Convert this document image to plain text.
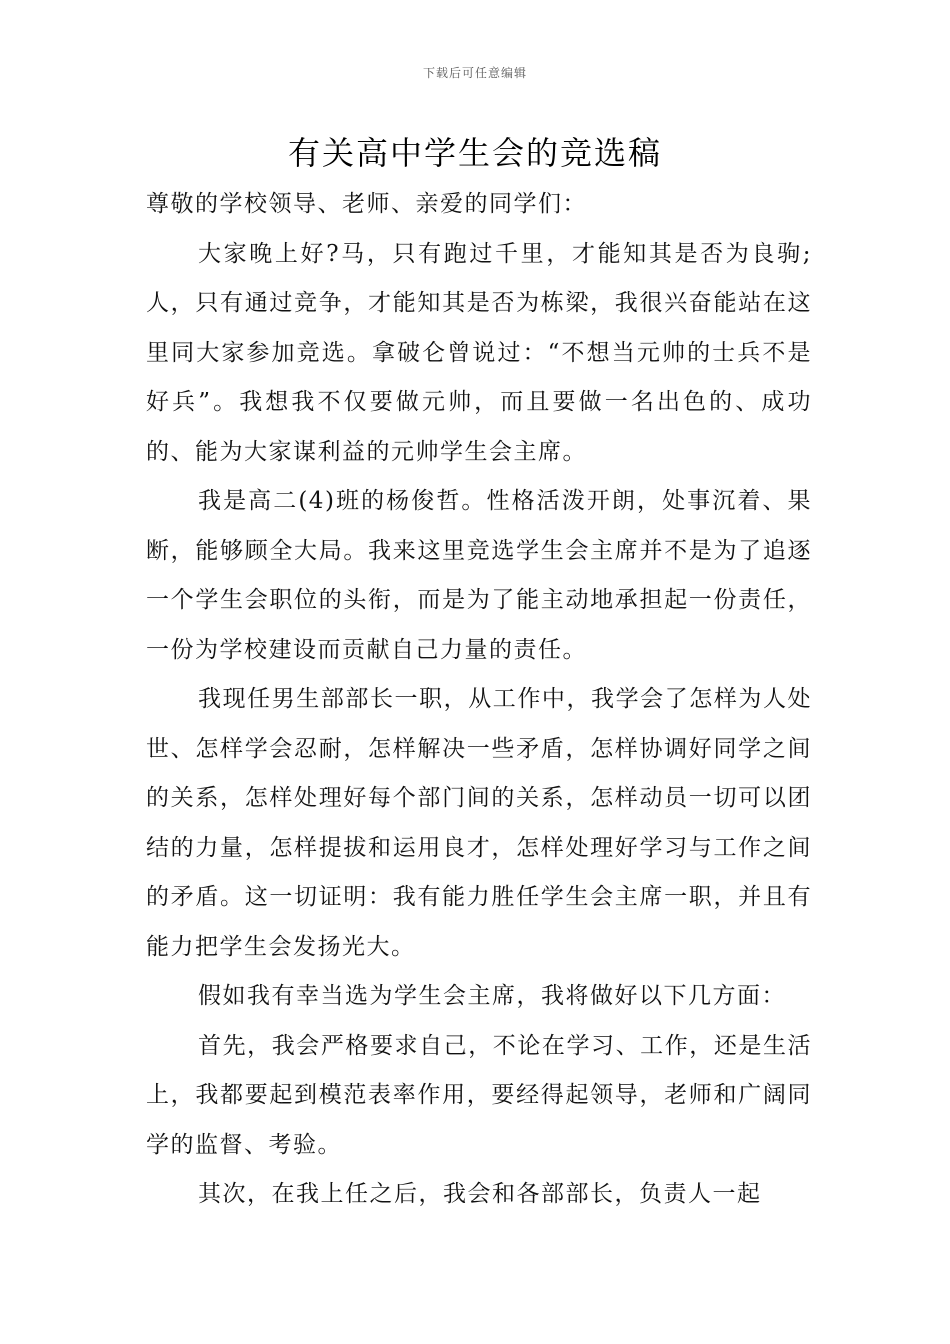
下载后可任意编辑
有关高中学生会的竞选稿

尊敬的学校领导、老师、亲爱的同学们：

大家晚上好?马，只有跑过千里，才能知其是否为良驹;人，只有通过竞争，才能知其是否为栋梁，我很兴奋能站在这里同大家参加竞选。拿破仑曾说过：“不想当元帅的士兵不是好兵”。我想我不仅要做元帅，而且要做一名出色的、成功的、能为大家谋利益的元帅学生会主席。

我是高二(4)班的杨俊哲。性格活泼开朗，处事沉着、果断，能够顾全大局。我来这里竞选学生会主席并不是为了追逐一个学生会职位的头衔，而是为了能主动地承担起一份责任，一份为学校建设而贡献自己力量的责任。

我现任男生部部长一职，从工作中，我学会了怎样为人处世、怎样学会忍耐，怎样解决一些矛盾，怎样协调好同学之间的关系，怎样处理好每个部门间的关系，怎样动员一切可以团结的力量，怎样提拔和运用良才，怎样处理好学习与工作之间的矛盾。这一切证明：我有能力胜任学生会主席一职，并且有能力把学生会发扬光大。

假如我有幸当选为学生会主席，我将做好以下几方面：

首先，我会严格要求自己，不论在学习、工作，还是生活上，我都要起到模范表率作用，要经得起领导，老师和广阔同学的监督、考验。

其次，在我上任之后，我会和各部部长，负责人一起
